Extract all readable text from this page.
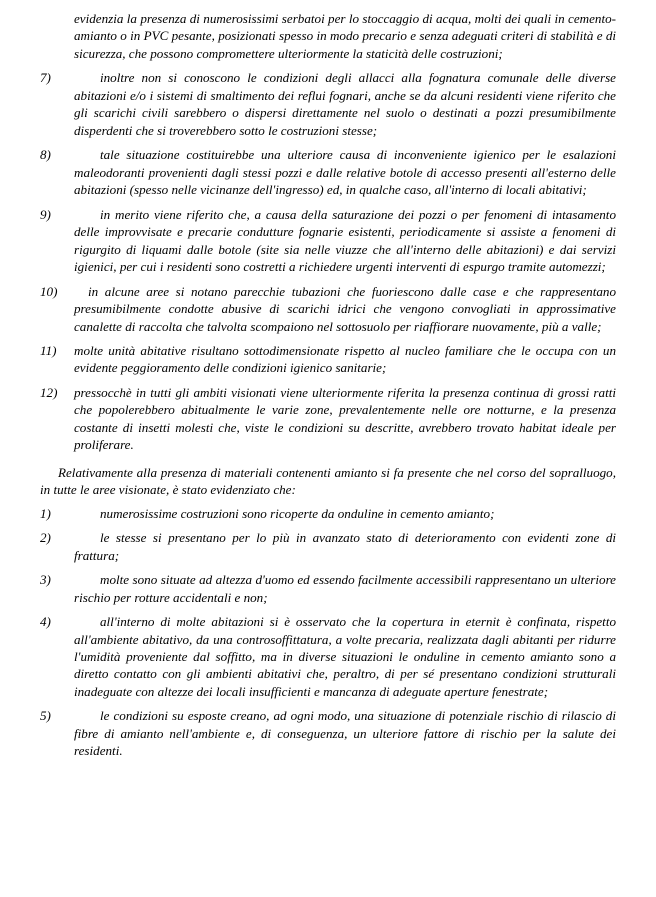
evidenzia la presenza di numerosissimi serbatoi per lo stoccaggio di acqua, molti dei quali in cemento-amianto o in PVC pesante, posizionati spesso in modo precario e senza adeguati criteri di stabilità e di sicurezza, che possono compromettere ulteriormente la staticità delle costruzioni;

7)	inoltre non si conoscono le condizioni degli allacci alla fognatura comunale delle diverse abitazioni e/o i sistemi di smaltimento dei reflui fognari, anche se da alcuni residenti viene riferito che gli scarichi civili sarebbero o dispersi direttamente nel suolo o destinati a pozzi presumibilmente disperdenti che si troverebbero sotto le costruzioni stesse;
8)	tale situazione costituirebbe una ulteriore causa di inconveniente igienico per le esalazioni maleodoranti provenienti dagli stessi pozzi e dalle relative botole di accesso presenti all'esterno delle abitazioni (spesso nelle vicinanze dell'ingresso) ed, in qualche caso, all'interno di locali abitativi;
9)	in merito viene riferito che, a causa della saturazione dei pozzi o per fenomeni di intasamento delle improvvisate e precarie condutture fognarie esistenti, periodicamente si assiste a fenomeni di rigurgito di liquami dalle botole (site sia nelle viuzze che all'interno delle abitazioni) e dai servizi igienici, per cui i residenti sono costretti a richiedere urgenti interventi di espurgo tramite automezzi;
10)	in alcune aree si notano parecchie tubazioni che fuoriescono dalle case e che rappresentano presumibilmente condotte abusive di scarichi idrici che vengono convogliati in approssimative canalette di raccolta che talvolta scompaiono nel sottosuolo per riaffiorare nuovamente, più a valle;
11)	molte unità abitative risultano sottodimensionate rispetto al nucleo familiare che le occupa con un evidente peggioramento delle condizioni igienico sanitarie;
12)	pressocchè in tutti gli ambiti visionati viene ulteriormente riferita la presenza continua di grossi ratti che popolerebbero abitualmente le varie zone, prevalentemente nelle ore notturne, e la presenza costante di insetti molesti che, viste le condizioni su descritte, avrebbero trovato habitat ideale per proliferare.

Relativamente alla presenza di materiali contenenti amianto si fa presente che nel corso del sopralluogo, in tutte le aree visionate, è stato evidenziato che:

1)	numerosissime costruzioni sono ricoperte da onduline in cemento amianto;
2)	le stesse si presentano per lo più in avanzato stato di deterioramento con evidenti zone di frattura;
3)	molte sono situate ad altezza d'uomo ed essendo facilmente accessibili rappresentano un ulteriore rischio per rotture accidentali e non;
4)	all'interno di molte abitazioni si è osservato che la copertura in eternit è confinata, rispetto all'ambiente abitativo, da una controsoffittatura, a volte precaria, realizzata dagli abitanti per ridurre l'umidità proveniente dal soffitto, ma in diverse situazioni le onduline in cemento amianto sono a diretto contatto con gli ambienti abitativi che, peraltro, di per sé presentano condizioni strutturali inadeguate con altezze dei locali insufficienti e mancanza di adeguate aperture fenestrate;
5)	le condizioni su esposte creano, ad ogni modo, una situazione di potenziale rischio di rilascio di fibre di amianto nell'ambiente e, di conseguenza, un ulteriore fattore di rischio per la salute dei residenti.
